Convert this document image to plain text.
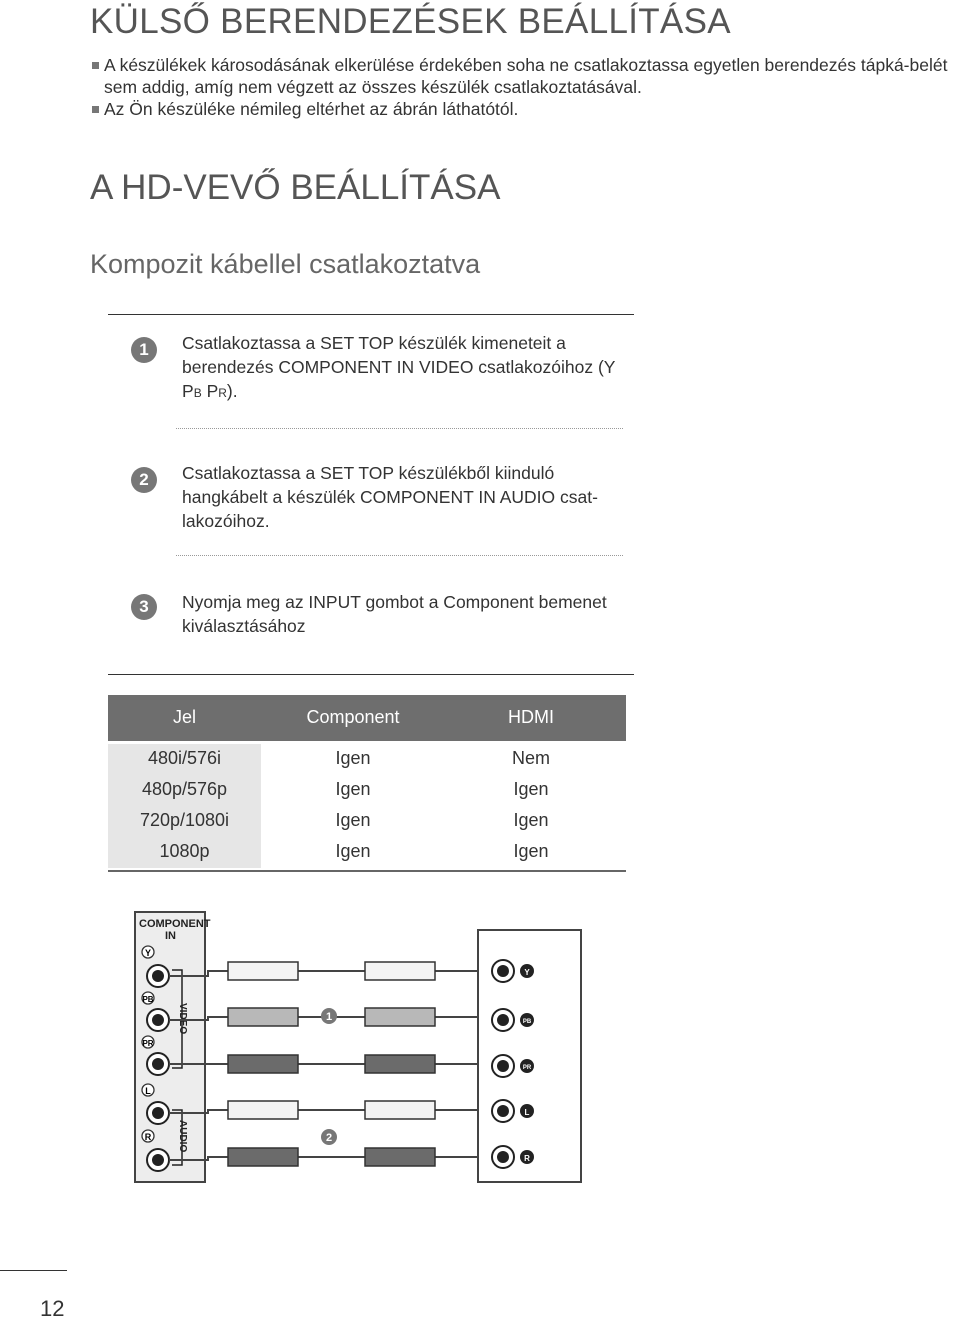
KÜLSŐ BERENDEZÉSEK BEÁLLÍTÁSA
A készülékek károsodásának elkerülése érdekében soha ne csatlakoztassa egyetlen berendezés tápká-belét sem addig, amíg nem végzett az összes készülék csatlakoztatásával.
Az Ön készüléke némileg eltérhet az ábrán láthatótól.
A HD-VEVŐ BEÁLLÍTÁSA
Kompozit kábellel csatlakoztatva
1	Csatlakoztassa a SET TOP készülék kimeneteit a berendezés COMPONENT IN VIDEO csatlakozóihoz (Y PB PR).
2	Csatlakoztassa a SET TOP készülékből kiinduló hangkábelt a készülék COMPONENT IN AUDIO csat-lakozóihoz.
3	Nyomja meg az INPUT gombot a Component bemenet kiválasztásához
Jel	Component	HDMI
480i/576i	Igen	Nem
480p/576p	Igen	Igen
720p/1080i	Igen	Igen
1080p	Igen	Igen
COMPONENT
IN
Y
PB
PR
L
R
VIDEO
AUDIO
1
2
Y
PB
PR
L
R
12
